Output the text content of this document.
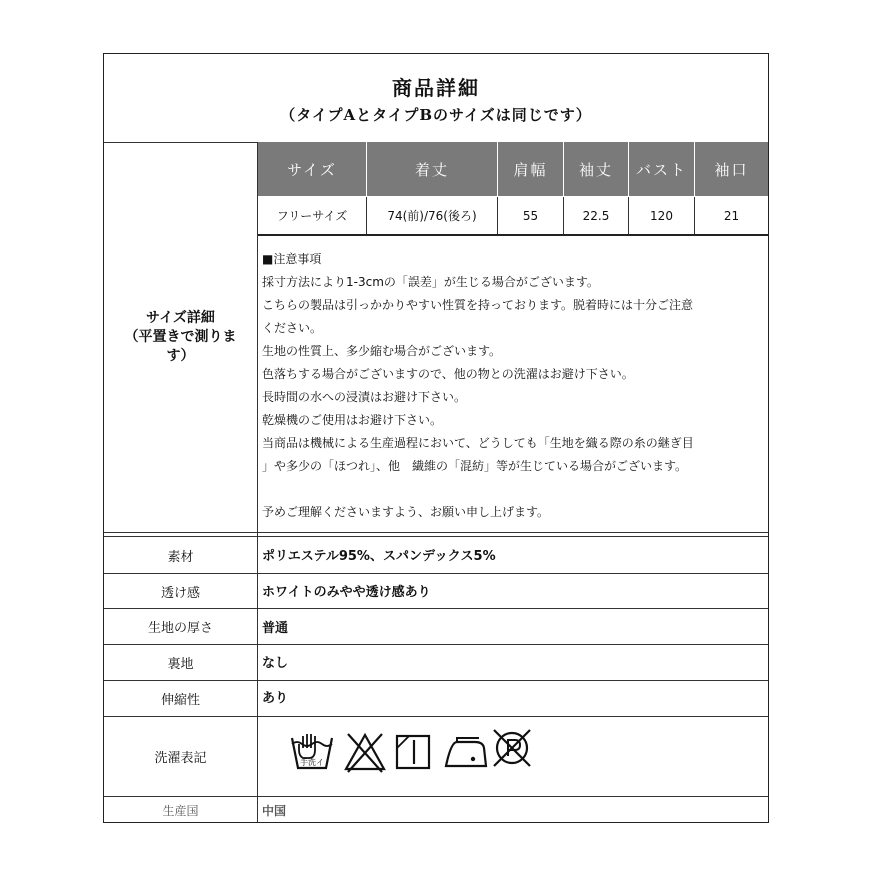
商品詳細
（タイプAとタイプBのサイズは同じです）
サイズ詳細
（平置きで測りま
す）
サイズ	着丈	肩幅	袖丈	バスト	袖口
フリーサイズ	74(前)/76(後ろ)	55	22.5	120	21
■注意事項
採寸方法により1-3cmの「誤差」が生じる場合がございます。
こちらの製品は引っかかりやすい性質を持っております。脱着時には十分ご注意
ください。
生地の性質上、多少縮む場合がございます。
色落ちする場合がございますので、他の物との洗濯はお避け下さい。
長時間の水への浸漬はお避け下さい。
乾燥機のご使用はお避け下さい。
当商品は機械による生産過程において、どうしても「生地を織る際の糸の継ぎ目
」や多少の「ほつれ」、他　繊維の「混紡」等が生じている場合がございます。
予めご理解くださいますよう、お願い申し上げます。
素材	ポリエステル95%、スパンデックス5%
透け感	ホワイトのみやや透け感あり
生地の厚さ	普通
裏地	なし
伸縮性	あり
洗濯表記	手洗イ
生産国	中国
